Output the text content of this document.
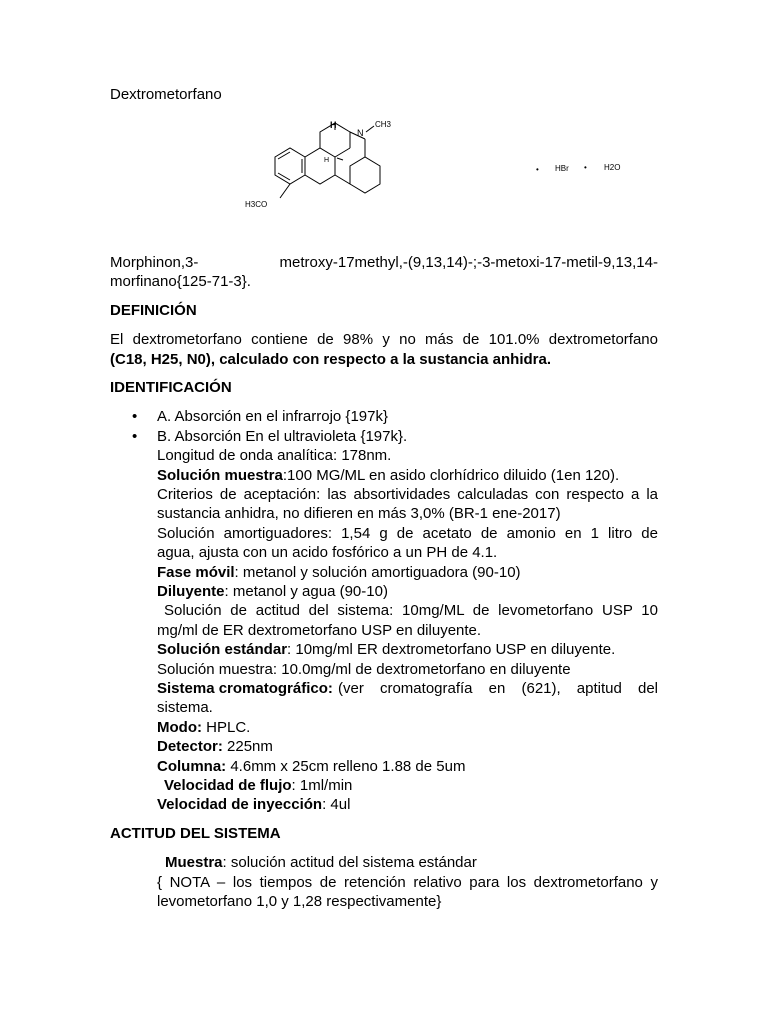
Dextrometorfano
H
N
CH3
H
H3CO
• HBr • H2O
Morphinon,3-	metroxy-17methyl,-(9,13,14)-;-3-metoxi-17-metil-9,13,14-
morfinano{125-71-3}.
DEFINICIÓN
El dextrometorfano contiene de 98% y no más de 101.0% dextrometorfano
(C18, H25, N0), calculado con respecto a la sustancia anhidra.
IDENTIFICACIÓN
• A. Absorción en el infrarrojo {197k}
• B. Absorción En el ultravioleta {197k}.
Longitud de onda analítica: 178nm.
Solución muestra:100 MG/ML en asido clorhídrico diluido (1en 120).
Criterios de aceptación: las absortividades calculadas con respecto a la
sustancia anhidra, no difieren en más 3,0% (BR-1 ene-2017)
Solución amortiguadores: 1,54 g de acetato de amonio en 1 litro de
agua, ajusta con un acido fosfórico a un PH de 4.1.
Fase móvil: metanol y solución amortiguadora (90-10)
Diluyente: metanol y agua (90-10)
Solución de actitud del sistema: 10mg/ML de levometorfano USP 10
mg/ml de ER dextrometorfano USP en diluyente.
Solución estándar: 10mg/ml ER dextrometorfano USP en diluyente.
Solución muestra: 10.0mg/ml de dextrometorfano en diluyente
Sistema cromatográfico: (ver cromatografía en (621), aptitud del
sistema.
Modo: HPLC.
Detector: 225nm
Columna: 4.6mm x 25cm relleno 1.88 de 5um
Velocidad de flujo: 1ml/min
Velocidad de inyección: 4ul
ACTITUD DEL SISTEMA
Muestra: solución actitud del sistema estándar
{ NOTA – los tiempos de retención relativo para los dextrometorfano y
levometorfano 1,0 y 1,28 respectivamente}
